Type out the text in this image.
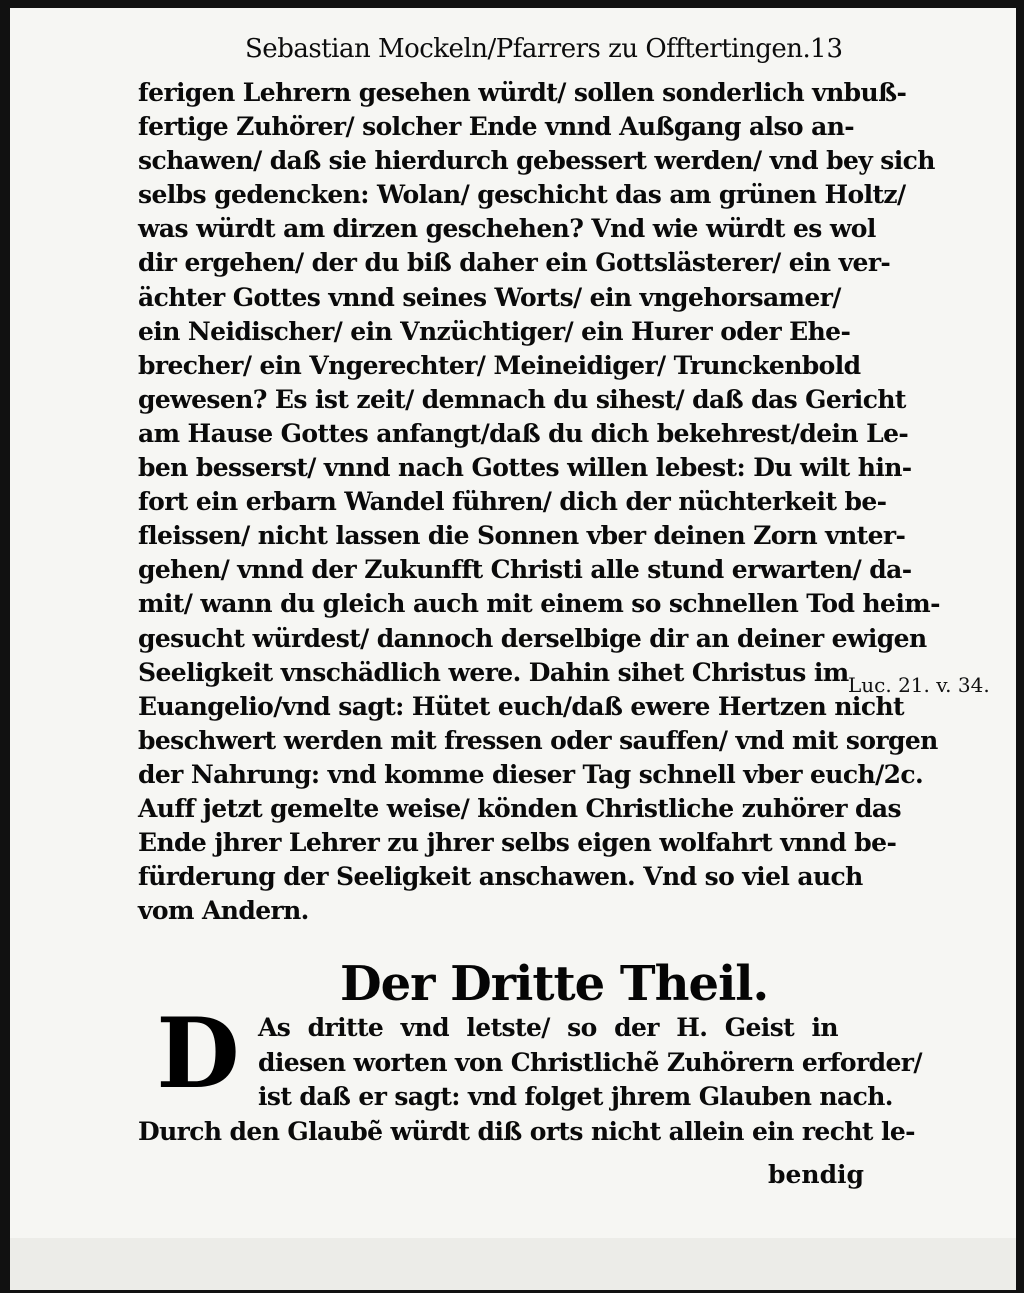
Sebastian Mockeln/Pfarrers zu Offtertingen. 13
ferigen Lehrern gesehen würdt/ sollen sonderlich vnbuß-
fertige Zuhörer/ solcher Ende vnnd Außgang also an-
schawen/ daß sie hierdurch gebessert werden/ vnd bey sich
selbs gedencken: Wolan/ geschicht das am grünen Holtz/
was würdt am dirzen geschehen? Vnd wie würdt es wol
dir ergehen/ der du biß daher ein Gottslästerer/ ein ver-
ächter Gottes vnnd seines Worts/ ein vngehorsamer/
ein Neidischer/ ein Vnzüchtiger/ ein Hurer oder Ehe-
brecher/ ein Vngerechter/ Meineidiger/ Trunckenbold
gewesen? Es ist zeit/ demnach du sihest/ daß das Gericht
am Hause Gottes anfangt/daß du dich bekehrest/dein Le-
ben besserst/ vnnd nach Gottes willen lebest: Du wilt hin-
fort ein erbarn Wandel führen/ dich der nüchterkeit be-
fleissen/ nicht lassen die Sonnen vber deinen Zorn vnter-
gehen/ vnnd der Zukunfft Christi alle stund erwarten/ da-
mit/ wann du gleich auch mit einem so schnellen Tod heim-
gesucht würdest/ dannoch derselbige dir an deiner ewigen
Seeligkeit vnschädlich were. Dahin sihet Christus im
Euangelio/vnd sagt: Hütet euch/daß ewere Hertzen nicht
beschwert werden mit fressen oder sauffen/ vnd mit sorgen
der Nahrung: vnd komme dieser Tag schnell vber euch/2c.
Auff jetzt gemelte weise/ könden Christliche zuhörer das
Ende jhrer Lehrer zu jhrer selbs eigen wolfahrt vnnd be-
fürderung der Seeligkeit anschawen. Vnd so viel auch
vom Andern.
Luc. 21. v. 34.
Der Dritte Theil.
D As dritte vnd letste/ so der H. Geist in
diesen worten von Christlichẽ Zuhörern erforder/
ist daß er sagt: vnd folget jhrem Glauben nach.
Durch den Glaubẽ würdt diß orts nicht allein ein recht le-
bendig
